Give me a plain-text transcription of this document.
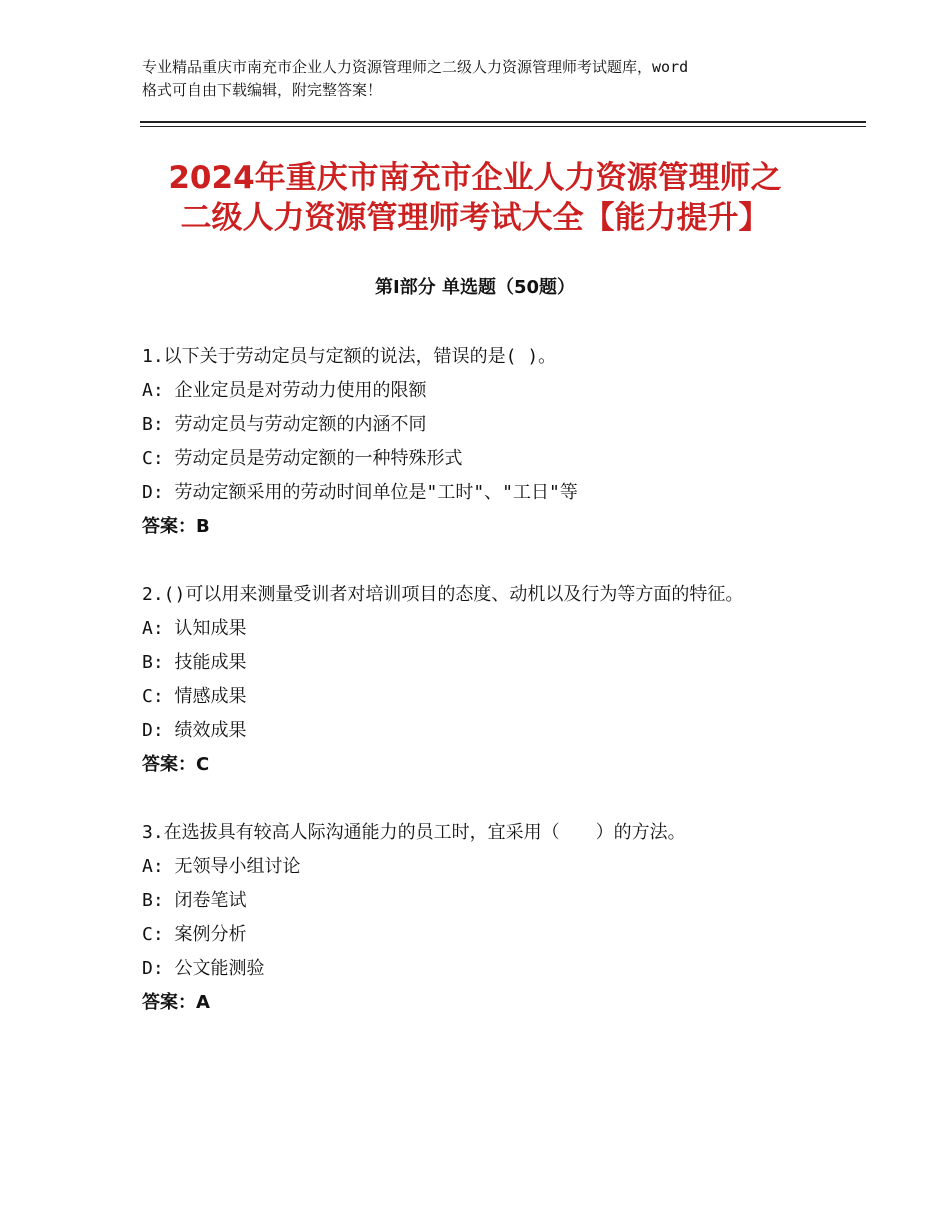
专业精品重庆市南充市企业人力资源管理师之二级人力资源管理师考试题库，word
格式可自由下载编辑，附完整答案！
2024年重庆市南充市企业人力资源管理师之
二级人力资源管理师考试大全【能力提升】
第Ⅰ部分 单选题（50题）
1.以下关于劳动定员与定额的说法，错误的是( )。
A: 企业定员是对劳动力使用的限额
B: 劳动定员与劳动定额的内涵不同
C: 劳动定员是劳动定额的一种特殊形式
D: 劳动定额采用的劳动时间单位是"工时"、"工日"等
答案：B
2.()可以用来测量受训者对培训项目的态度、动机以及行为等方面的特征。
A: 认知成果
B: 技能成果
C: 情感成果
D: 绩效成果
答案：C
3.在选拔具有较高人际沟通能力的员工时，宜采用（　　）的方法。
A: 无领导小组讨论
B: 闭卷笔试
C: 案例分析
D: 公文能测验
答案：A
